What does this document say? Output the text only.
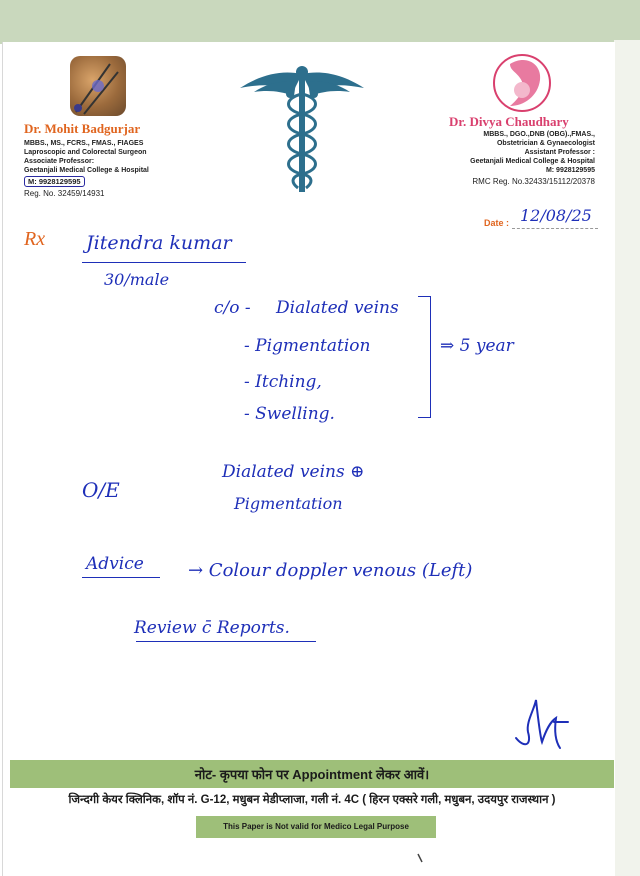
Dr. Mohit Badgurjar
MBBS., MS., FCRS., FMAS., FIAGES
Laproscopic and Colorectal Surgeon
Associate Professor:
Geetanjali Medical College & Hospital
M: 9928129595
Reg. No. 32459/14931
Dr. Divya Chaudhary
MBBS., DGO.,DNB (OBG).,FMAS.,
Obstetrician & Gynaecologist
Assistant Professor :
Geetanjali Medical College & Hospital
M: 9928129595
RMC Reg. No.32433/15112/20378
Date : 12/08/25
Rx Jitendra kumar
30/male
c/o - Dialated veins
- Pigmentation
- Itching,
- Swelling.
⇒ 5 year
O/E
Dialated veins ⊕
Pigmentation
Advice → Colour doppler venous (Left)
Review c̄ Reports.
नोट- कृपया फोन पर Appointment लेकर आवें।
जिन्दगी केयर क्लिनिक, शॉप नं. G-12, मधुबन मेडीप्लाजा, गली नं. 4C ( हिरन एक्सरे गली, मधुबन, उदयपुर राजस्थान )
This Paper is Not valid for Medico Legal Purpose
